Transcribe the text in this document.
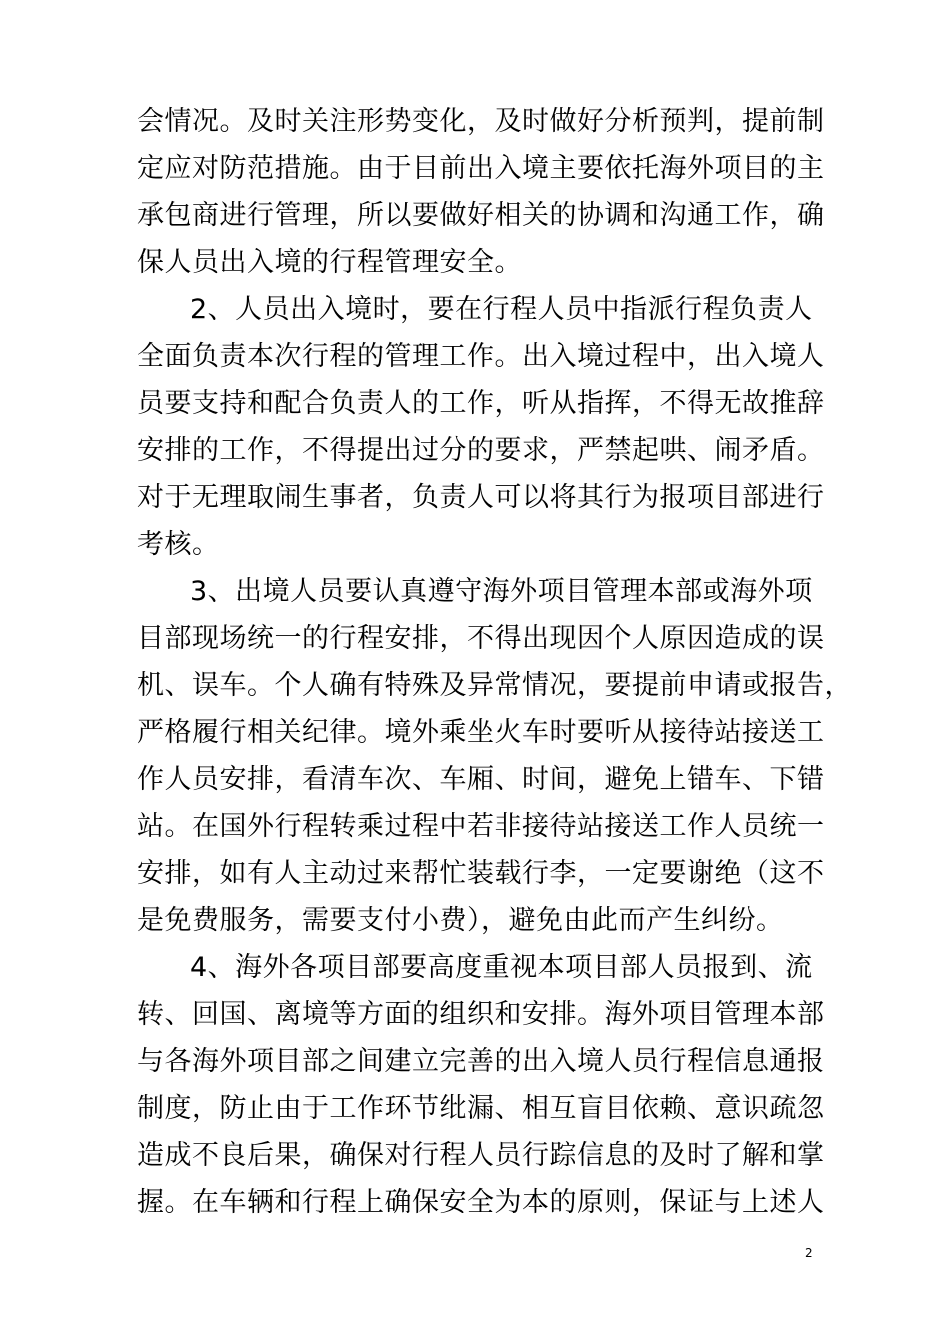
会情况。及时关注形势变化，及时做好分析预判，提前制
定应对防范措施。由于目前出入境主要依托海外项目的主
承包商进行管理，所以要做好相关的协调和沟通工作，确
保人员出入境的行程管理安全。
2、人员出入境时，要在行程人员中指派行程负责人
全面负责本次行程的管理工作。出入境过程中，出入境人
员要支持和配合负责人的工作，听从指挥，不得无故推辞
安排的工作，不得提出过分的要求，严禁起哄、闹矛盾。
对于无理取闹生事者，负责人可以将其行为报项目部进行
考核。
3、出境人员要认真遵守海外项目管理本部或海外项
目部现场统一的行程安排，不得出现因个人原因造成的误
机、误车。个人确有特殊及异常情况，要提前申请或报告，
严格履行相关纪律。境外乘坐火车时要听从接待站接送工
作人员安排，看清车次、车厢、时间，避免上错车、下错
站。在国外行程转乘过程中若非接待站接送工作人员统一
安排，如有人主动过来帮忙装载行李，一定要谢绝（这不
是免费服务，需要支付小费），避免由此而产生纠纷。
4、海外各项目部要高度重视本项目部人员报到、流
转、回国、离境等方面的组织和安排。海外项目管理本部
与各海外项目部之间建立完善的出入境人员行程信息通报
制度，防止由于工作环节纰漏、相互盲目依赖、意识疏忽
造成不良后果，确保对行程人员行踪信息的及时了解和掌
握。在车辆和行程上确保安全为本的原则，保证与上述人
2
